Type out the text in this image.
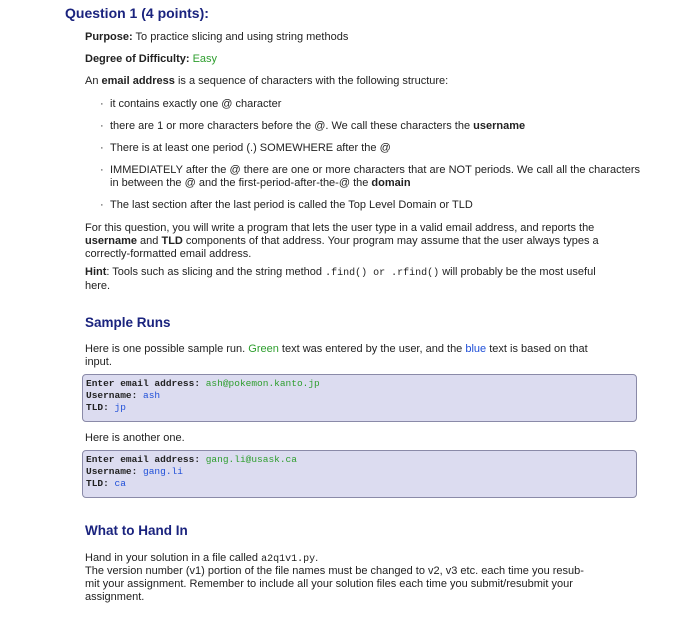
Question 1 (4 points):
Purpose: To practice slicing and using string methods
Degree of Difficulty: Easy
An email address is a sequence of characters with the following structure:
· it contains exactly one @ character
· there are 1 or more characters before the @. We call these characters the username
· There is at least one period (.) SOMEWHERE after the @
· IMMEDIATELY after the @ there are one or more characters that are NOT periods. We call all the characters in between the @ and the first-period-after-the-@ the domain
· The last section after the last period is called the Top Level Domain or TLD
For this question, you will write a program that lets the user type in a valid email address, and reports the
username and TLD components of that address. Your program may assume that the user always types a
correctly-formatted email address.
Hint: Tools such as slicing and the string method .find() or .rfind() will probably be the most useful
here.
Sample Runs
Here is one possible sample run. Green text was entered by the user, and the blue text is based on that
input.
Enter email address: ash@pokemon.kanto.jp
Username: ash
TLD: jp
Here is another one.
Enter email address: gang.li@usask.ca
Username: gang.li
TLD: ca
What to Hand In
Hand in your solution in a file called a2q1v1.py.
The version number (v1) portion of the file names must be changed to v2, v3 etc. each time you resub-
mit your assignment. Remember to include all your solution files each time you submit/resubmit your
assignment.
